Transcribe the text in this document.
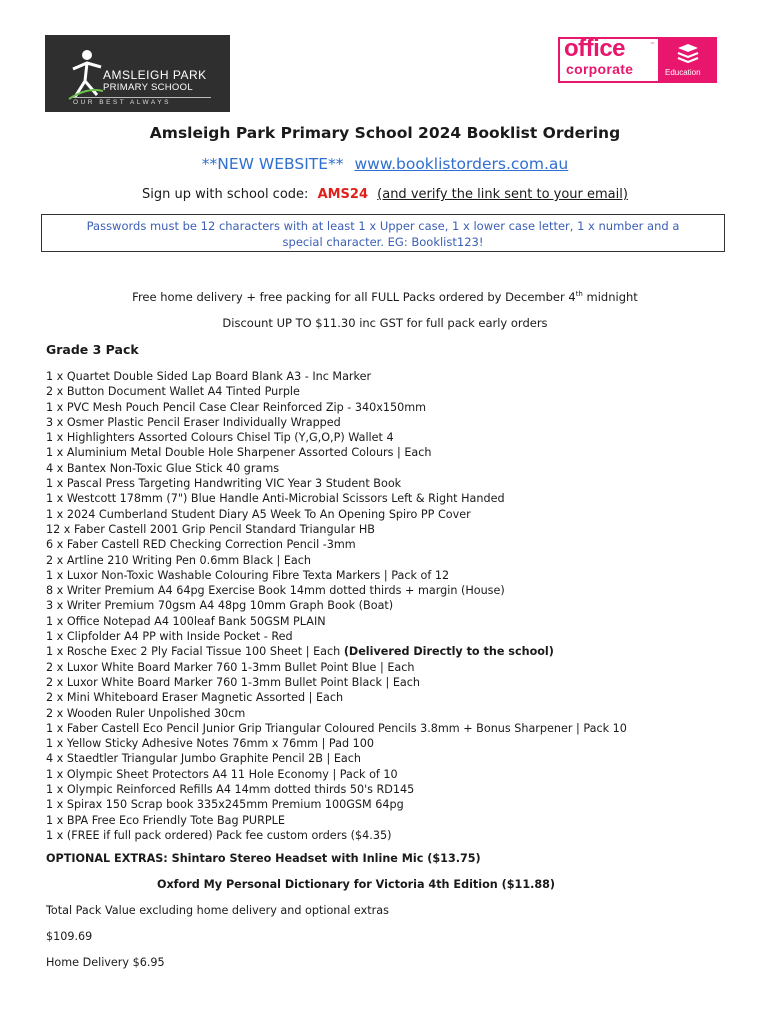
AMSLEIGH PARK
PRIMARY SCHOOL
OUR BEST ALWAYS
office	™
corporate	Education
Amsleigh Park Primary School 2024 Booklist Ordering
**NEW WEBSITE** www.booklistorders.com.au
Sign up with school code: AMS24 (and verify the link sent to your email)
Passwords must be 12 characters with at least 1 x Upper case, 1 x lower case letter, 1 x number and a
special character. EG: Booklist123!
Free home delivery + free packing for all FULL Packs ordered by December 4th midnight
Discount UP TO $11.30 inc GST for full pack early orders
Grade 3 Pack
1 x Quartet Double Sided Lap Board Blank A3 - Inc Marker
2 x Button Document Wallet A4 Tinted Purple
1 x PVC Mesh Pouch Pencil Case Clear Reinforced Zip - 340x150mm
3 x Osmer Plastic Pencil Eraser Individually Wrapped
1 x Highlighters Assorted Colours Chisel Tip (Y,G,O,P) Wallet 4
1 x Aluminium Metal Double Hole Sharpener Assorted Colours | Each
4 x Bantex Non-Toxic Glue Stick 40 grams
1 x Pascal Press Targeting Handwriting VIC Year 3 Student Book
1 x Westcott 178mm (7") Blue Handle Anti-Microbial Scissors Left & Right Handed
1 x 2024 Cumberland Student Diary A5 Week To An Opening Spiro PP Cover
12 x Faber Castell 2001 Grip Pencil Standard Triangular HB
6 x Faber Castell RED Checking Correction Pencil -3mm
2 x Artline 210 Writing Pen 0.6mm Black | Each
1 x Luxor Non-Toxic Washable Colouring Fibre Texta Markers | Pack of 12
8 x Writer Premium A4 64pg Exercise Book 14mm dotted thirds + margin (House)
3 x Writer Premium 70gsm A4 48pg 10mm Graph Book (Boat)
1 x Office Notepad A4 100leaf Bank 50GSM PLAIN
1 x Clipfolder A4 PP with Inside Pocket - Red
1 x Rosche Exec 2 Ply Facial Tissue 100 Sheet | Each (Delivered Directly to the school)
2 x Luxor White Board Marker 760 1-3mm Bullet Point Blue | Each
2 x Luxor White Board Marker 760 1-3mm Bullet Point Black | Each
2 x Mini Whiteboard Eraser Magnetic Assorted | Each
2 x Wooden Ruler Unpolished 30cm
1 x Faber Castell Eco Pencil Junior Grip Triangular Coloured Pencils 3.8mm + Bonus Sharpener | Pack 10
1 x Yellow Sticky Adhesive Notes 76mm x 76mm | Pad 100
4 x Staedtler Triangular Jumbo Graphite Pencil 2B | Each
1 x Olympic Sheet Protectors A4 11 Hole Economy | Pack of 10
1 x Olympic Reinforced Refills A4 14mm dotted thirds 50's RD145
1 x Spirax 150 Scrap book 335x245mm Premium 100GSM 64pg
1 x BPA Free Eco Friendly Tote Bag PURPLE
1 x (FREE if full pack ordered) Pack fee custom orders ($4.35)
OPTIONAL EXTRAS: Shintaro Stereo Headset with Inline Mic ($13.75)
Oxford My Personal Dictionary for Victoria 4th Edition ($11.88)
Total Pack Value excluding home delivery and optional extras
$109.69
Home Delivery $6.95
